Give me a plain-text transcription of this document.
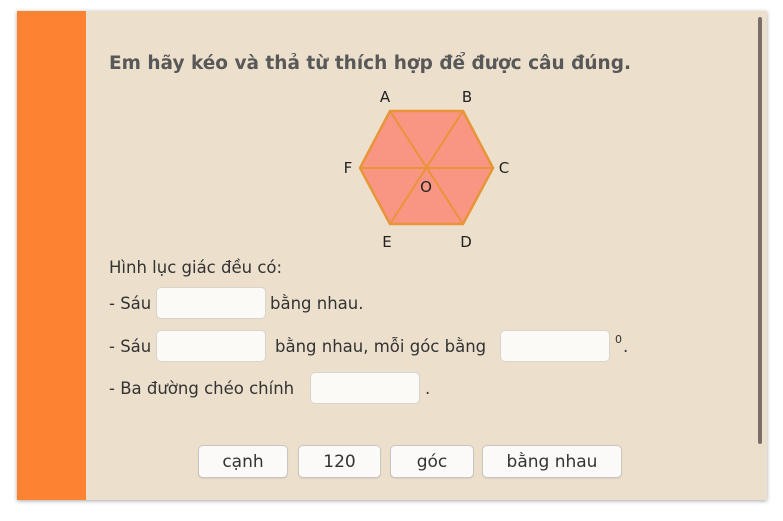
Em hãy kéo và thả từ thích hợp để được câu đúng.
A	B
C
D
E
F
O
Hình lục giác đều có:
- Sáu	bằng nhau.
- Sáu	bằng nhau, mỗi góc bằng	0 .
- Ba đường chéo chính	.
cạnh	120	góc	bằng nhau
